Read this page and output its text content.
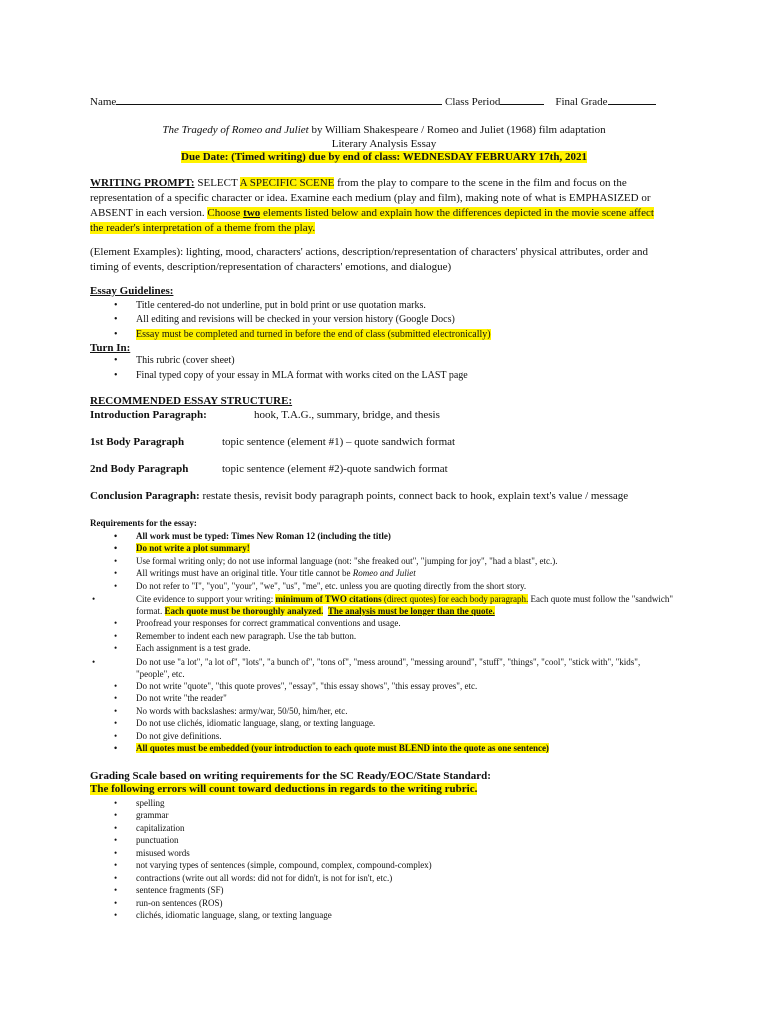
Name	Class Period	Final Grade
The Tragedy of Romeo and Juliet by William Shakespeare / Romeo and Juliet (1968) film adaptation
Literary Analysis Essay
Due Date: (Timed writing) due by end of class: WEDNESDAY FEBRUARY 17th, 2021
WRITING PROMPT: SELECT A SPECIFIC SCENE from the play to compare to the scene in the film and focus on the representation of a specific character or idea. Examine each medium (play and film), making note of what is EMPHASIZED or ABSENT in each version. Choose two elements listed below and explain how the differences depicted in the movie scene affect the reader's interpretation of a theme from the play.
(Element Examples): lighting, mood, characters' actions, description/representation of characters' physical attributes, order and timing of events, description/representation of characters' emotions, and dialogue)
Essay Guidelines:
Title centered-do not underline, put in bold print or use quotation marks.
All editing and revisions will be checked in your version history (Google Docs)
Essay must be completed and turned in before the end of class (submitted electronically)
Turn In:
This rubric (cover sheet)
Final typed copy of your essay in MLA format with works cited on the LAST page
RECOMMENDED ESSAY STRUCTURE:
Introduction Paragraph:	hook, T.A.G., summary, bridge, and thesis
1st Body Paragraph	topic sentence (element #1) – quote sandwich format
2nd Body Paragraph	topic sentence (element #2)-quote sandwich format
Conclusion Paragraph: restate thesis, revisit body paragraph points, connect back to hook, explain text's value / message
Requirements for the essay:
All work must be typed: Times New Roman 12 (including the title)
Do not write a plot summary!
Use formal writing only; do not use informal language (not: "she freaked out", "jumping for joy", "had a blast", etc.).
All writings must have an original title. Your title cannot be Romeo and Juliet
Do not refer to "I", "you", "your", "we", "us", "me", etc. unless you are quoting directly from the short story.
Cite evidence to support your writing: minimum of TWO citations (direct quotes) for each body paragraph. Each quote must follow the "sandwich" format. Each quote must be thoroughly analyzed. The analysis must be longer than the quote.
Proofread your responses for correct grammatical conventions and usage.
Remember to indent each new paragraph. Use the tab button.
Each assignment is a test grade.
Do not use "a lot", "a lot of", "lots", "a bunch of", "tons of", "mess around", "messing around", "stuff", "things", "cool", "stick with", "kids", "people", etc.
Do not write "quote", "this quote proves", "essay", "this essay shows", "this essay proves", etc.
Do not write "the reader"
No words with backslashes: army/war, 50/50, him/her, etc.
Do not use clichés, idiomatic language, slang, or texting language.
Do not give definitions.
All quotes must be embedded (your introduction to each quote must BLEND into the quote as one sentence)
Grading Scale based on writing requirements for the SC Ready/EOC/State Standard:
The following errors will count toward deductions in regards to the writing rubric.
spelling
grammar
capitalization
punctuation
misused words
not varying types of sentences (simple, compound, complex, compound-complex)
contractions (write out all words: did not for didn't, is not for isn't, etc.)
sentence fragments (SF)
run-on sentences (ROS)
clichés, idiomatic language, slang, or texting language
